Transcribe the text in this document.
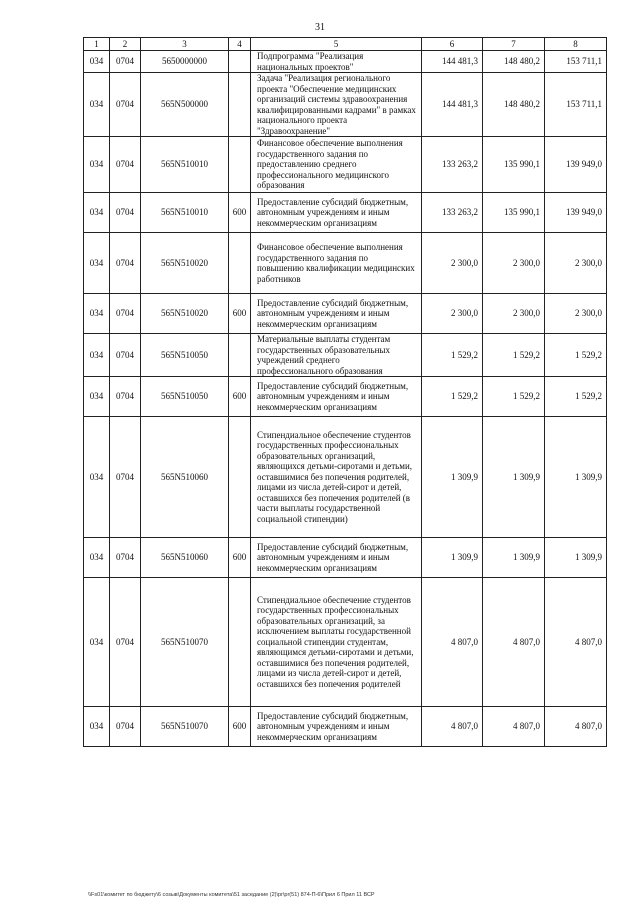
31
1	2	3	4	5	6	7	8
034	0704	5650000000		Подпрограмма "Реализация национальных проектов"	144 481,3	148 480,2	153 711,1
034	0704	565N500000		Задача "Реализация регионального проекта "Обеспечение медицинских организаций системы здравоохранения квалифицированными кадрами" в рамках национального проекта "Здравоохранение"	144 481,3	148 480,2	153 711,1
034	0704	565N510010		Финансовое обеспечение выполнения государственного задания по предоставлению среднего профессионального медицинского образования	133 263,2	135 990,1	139 949,0
034	0704	565N510010	600	Предоставление субсидий бюджетным, автономным учреждениям и иным некоммерческим организациям	133 263,2	135 990,1	139 949,0
034	0704	565N510020		Финансовое обеспечение выполнения государственного задания по повышению квалификации медицинских работников	2 300,0	2 300,0	2 300,0
034	0704	565N510020	600	Предоставление субсидий бюджетным, автономным учреждениям и иным некоммерческим организациям	2 300,0	2 300,0	2 300,0
034	0704	565N510050		Материальные выплаты студентам государственных образовательных учреждений среднего профессионального образования	1 529,2	1 529,2	1 529,2
034	0704	565N510050	600	Предоставление субсидий бюджетным, автономным учреждениям и иным некоммерческим организациям	1 529,2	1 529,2	1 529,2
034	0704	565N510060		Стипендиальное обеспечение студентов государственных профессиональных образовательных организаций, являющихся детьми-сиротами и детьми, оставшимися без попечения родителей, лицами из числа детей-сирот и детей, оставшихся без попечения родителей (в части выплаты государственной социальной стипендии)	1 309,9	1 309,9	1 309,9
034	0704	565N510060	600	Предоставление субсидий бюджетным, автономным учреждениям и иным некоммерческим организациям	1 309,9	1 309,9	1 309,9
034	0704	565N510070		Стипендиальное обеспечение студентов государственных профессиональных образовательных организаций, за исключением выплаты государственной социальной стипендии студентам, являющимся детьми-сиротами и детьми, оставшимися без попечения родителей, лицами из числа детей-сирот и детей, оставшихся без попечения родителей	4 807,0	4 807,0	4 807,0
034	0704	565N510070	600	Предоставление субсидий бюджетным, автономным учреждениям и иным некоммерческим организациям	4 807,0	4 807,0	4 807,0
\\Fs01\комитет по бюджету\6 созыв\Документы комитета\51 заседание (2)\pr\pr(51) 874-П-6\Прил 6 Прил 11 ВСР
